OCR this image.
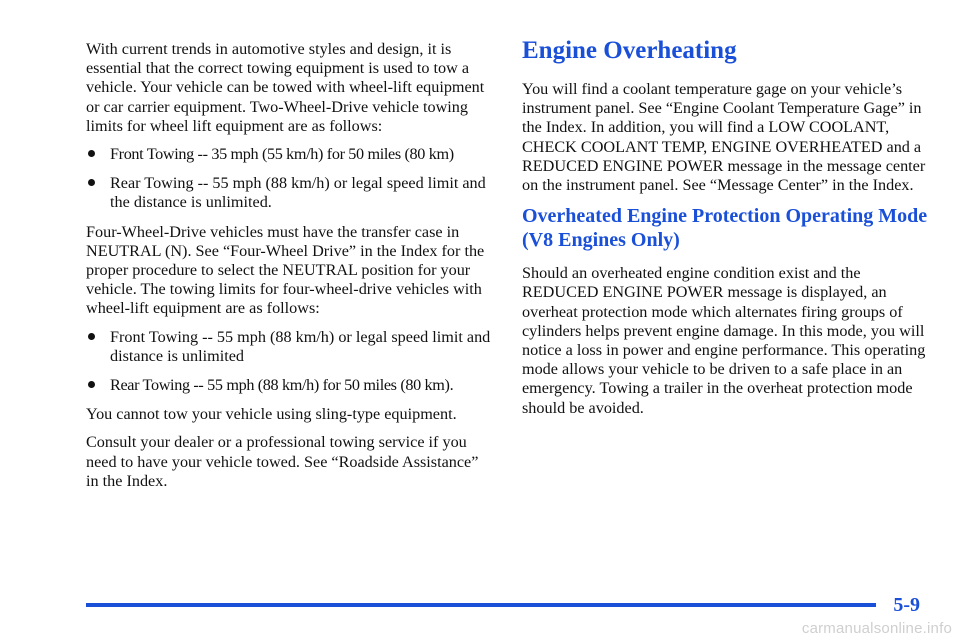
With current trends in automotive styles and design, it is essential that the correct towing equipment is used to tow a vehicle. Your vehicle can be towed with wheel-lift equipment or car carrier equipment. Two-Wheel-Drive vehicle towing limits for wheel lift equipment are as follows:

Front Towing -- 35 mph (55 km/h) for 50 miles (80 km)
Rear Towing -- 55 mph (88 km/h) or legal speed limit and the distance is unlimited.

Four-Wheel-Drive vehicles must have the transfer case in NEUTRAL (N). See “Four-Wheel Drive” in the Index for the proper procedure to select the NEUTRAL position for your vehicle. The towing limits for four-wheel-drive vehicles with wheel-lift equipment are as follows:

Front Towing -- 55 mph (88 km/h) or legal speed limit and distance is unlimited
Rear Towing -- 55 mph (88 km/h) for 50 miles (80 km).

You cannot tow your vehicle using sling-type equipment.

Consult your dealer or a professional towing service if you need to have your vehicle towed. See “Roadside Assistance” in the Index.

Engine Overheating

You will find a coolant temperature gage on your vehicle’s instrument panel. See “Engine Coolant Temperature Gage” in the Index. In addition, you will find a LOW COOLANT, CHECK COOLANT TEMP, ENGINE OVERHEATED and a REDUCED ENGINE POWER message in the message center on the instrument panel. See “Message Center” in the Index.

Overheated Engine Protection Operating Mode (V8 Engines Only)

Should an overheated engine condition exist and the REDUCED ENGINE POWER message is displayed, an overheat protection mode which alternates firing groups of cylinders helps prevent engine damage. In this mode, you will notice a loss in power and engine performance. This operating mode allows your vehicle to be driven to a safe place in an emergency. Towing a trailer in the overheat protection mode should be avoided.

5-9
carmanualsonline.info
